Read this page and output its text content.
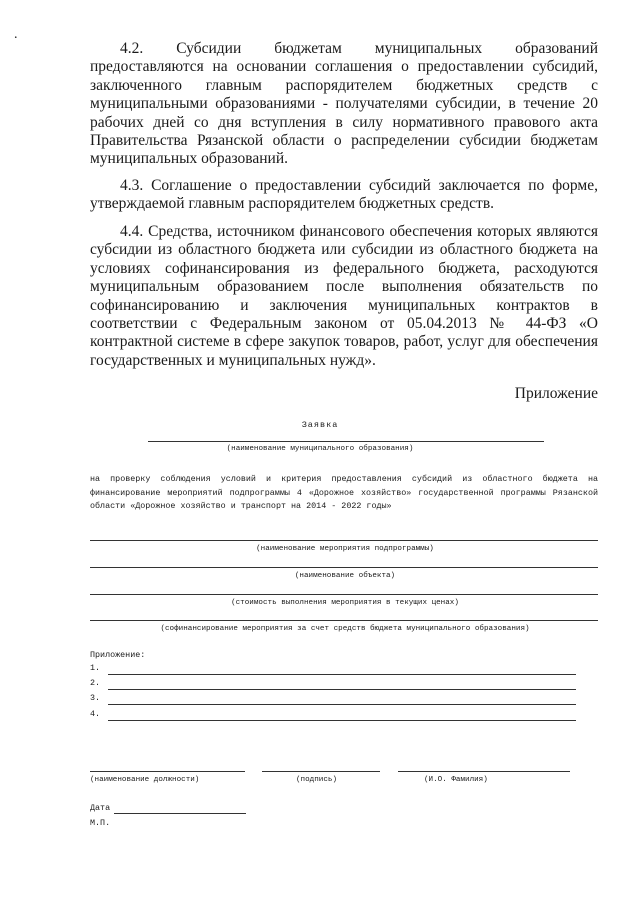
.

4.2. Субсидии бюджетам муниципальных образований предоставляются на основании соглашения о предоставлении субсидий, заключенного главным распорядителем бюджетных средств с муниципальными образованиями - получателями субсидии, в течение 20 рабочих дней со дня вступления в силу нормативного правового акта Правительства Рязанской области о распределении субсидии бюджетам муниципальных образований.

4.3. Соглашение о предоставлении субсидий заключается по форме, утверждаемой главным распорядителем бюджетных средств.

4.4. Средства, источником финансового обеспечения которых являются субсидии из областного бюджета или субсидии из областного бюджета на условиях софинансирования из федерального бюджета, расходуются муниципальным образованием после выполнения обязательств по софинансированию и заключения муниципальных контрактов в соответствии с Федеральным законом от 05.04.2013 № 44-ФЗ «О контрактной системе в сфере закупок товаров, работ, услуг для обеспечения государственных и муниципальных нужд».

Приложение
Заявка
(наименование муниципального образования)
на проверку соблюдения условий и критерия предоставления субсидий из областного бюджета на финансирование мероприятий подпрограммы 4 «Дорожное хозяйство» государственной программы Рязанской области «Дорожное хозяйство и транспорт на 2014 - 2022 годы»
(наименование мероприятия подпрограммы)
(наименование объекта)
(стоимость выполнения мероприятия в текущих ценах)
(софинансирование мероприятия за счет средств бюджета муниципального образования)
Приложение:
1.
2.
3.
4.
(наименование должности)	(подпись)	(И.О. Фамилия)
Дата
М.П.
